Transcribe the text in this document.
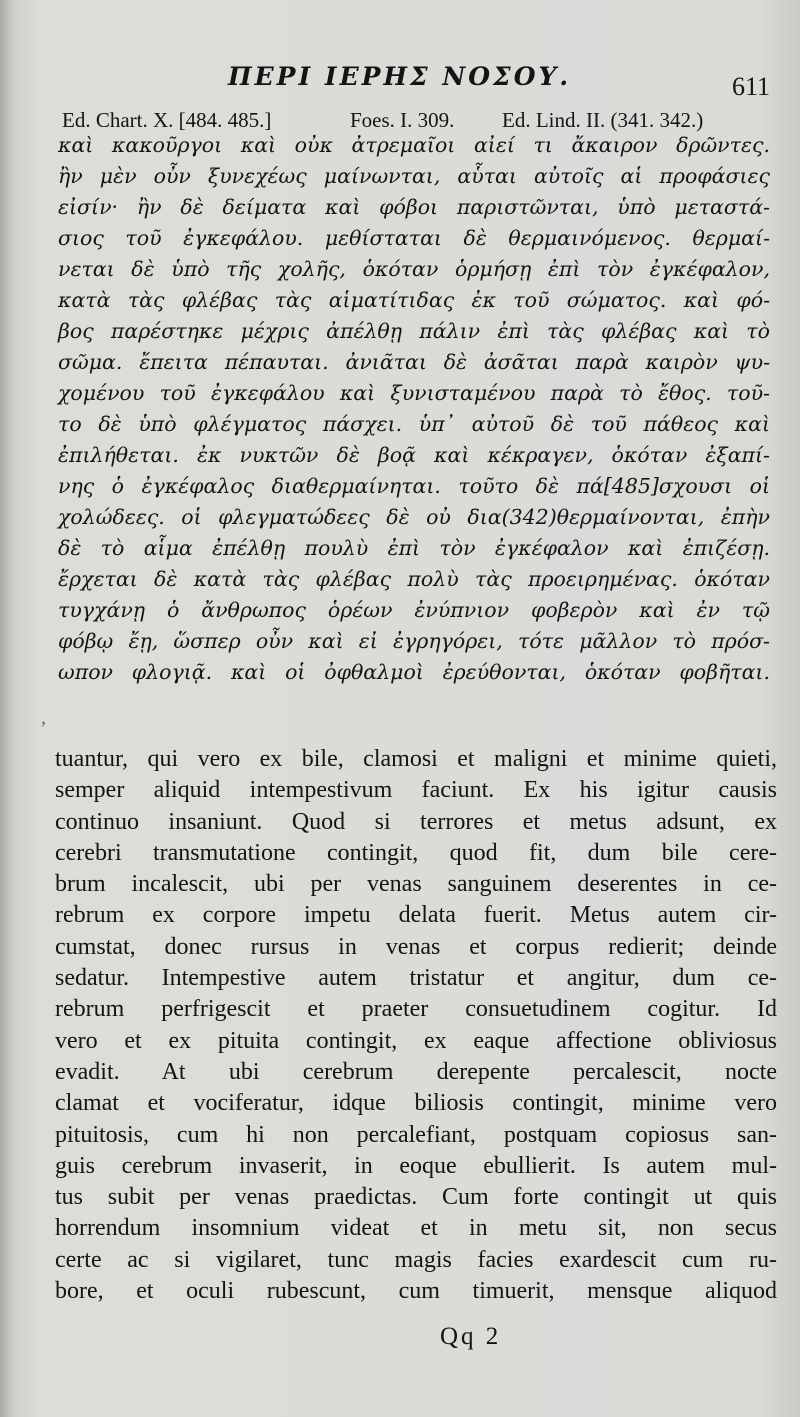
ΠΕΡΙ ΙΕΡΗΣ ΝΟΣΟΥ.	611
Ed. Chart. X. [484. 485.]	Foes. I. 309. Ed. Lind. II. (341. 342.)
καὶ κακοῦργοι καὶ οὐκ ἀτρεμαῖοι αἰεί τι ἄκαιρον δρῶντες.
ἢν μὲν οὖν ξυνεχέως μαίνωνται, αὗται αὐτοῖς αἱ προφάσιες
εἰσίν· ἢν δὲ δείματα καὶ φόβοι παριστῶνται, ὑπὸ μεταστά-
σιος τοῦ ἐγκεφάλου. μεθίσταται δὲ θερμαινόμενος. θερμαί-
νεται δὲ ὑπὸ τῆς χολῆς, ὁκόταν ὁρμήσῃ ἐπὶ τὸν ἐγκέφαλον,
κατὰ τὰς φλέβας τὰς αἱματίτιδας ἐκ τοῦ σώματος. καὶ φό-
βος παρέστηκε μέχρις ἀπέλθῃ πάλιν ἐπὶ τὰς φλέβας καὶ τὸ
σῶμα. ἔπειτα πέπαυται. ἀνιᾶται δὲ ἀσᾶται παρὰ καιρὸν ψυ-
χομένου τοῦ ἐγκεφάλου καὶ ξυνισταμένου παρὰ τὸ ἔθος. τοῦ-
το δὲ ὑπὸ φλέγματος πάσχει. ὑπ᾽ αὐτοῦ δὲ τοῦ πάθεος καὶ
ἐπιλήθεται. ἐκ νυκτῶν δὲ βοᾷ καὶ κέκραγεν, ὁκόταν ἐξαπί-
νης ὁ ἐγκέφαλος διαθερμαίνηται. τοῦτο δὲ πά[485]σχουσι οἱ
χολώδεες. οἱ φλεγματώδεες δὲ οὐ δια(342)θερμαίνονται, ἐπὴν
δὲ τὸ αἷμα ἐπέλθῃ πουλὺ ἐπὶ τὸν ἐγκέφαλον καὶ ἐπιζέσῃ.
ἔρχεται δὲ κατὰ τὰς φλέβας πολὺ τὰς προειρημένας. ὁκόταν
τυγχάνῃ ὁ ἄνθρωπος ὁρέων ἐνύπνιον φοβερὸν καὶ ἐν τῷ
φόβῳ ἔῃ, ὥσπερ οὖν καὶ εἰ ἐγρηγόρει, τότε μᾶλλον τὸ πρόσ-
ωπον φλογιᾷ. καὶ οἱ ὀφθαλμοὶ ἐρεύθονται, ὁκόταν φοβῆται.
ʼ
tuantur, qui vero ex bile, clamosi et maligni et minime quieti,
semper aliquid intempestivum faciunt. Ex his igitur causis
continuo insaniunt. Quod si terrores et metus adsunt, ex
cerebri transmutatione contingit, quod fit, dum bile cere-
brum incalescit, ubi per venas sanguinem deserentes in ce-
rebrum ex corpore impetu delata fuerit. Metus autem cir-
cumstat, donec rursus in venas et corpus redierit; deinde
sedatur. Intempestive autem tristatur et angitur, dum ce-
rebrum perfrigescit et praeter consuetudinem cogitur. Id
vero et ex pituita contingit, ex eaque affectione obliviosus
evadit. At ubi cerebrum derepente percalescit, nocte
clamat et vociferatur, idque biliosis contingit, minime vero
pituitosis, cum hi non percalefiant, postquam copiosus san-
guis cerebrum invaserit, in eoque ebullierit. Is autem mul-
tus subit per venas praedictas. Cum forte contingit ut quis
horrendum insomnium videat et in metu sit, non secus
certe ac si vigilaret, tunc magis facies exardescit cum ru-
bore, et oculi rubescunt, cum timuerit, mensque aliquod
Qq 2
